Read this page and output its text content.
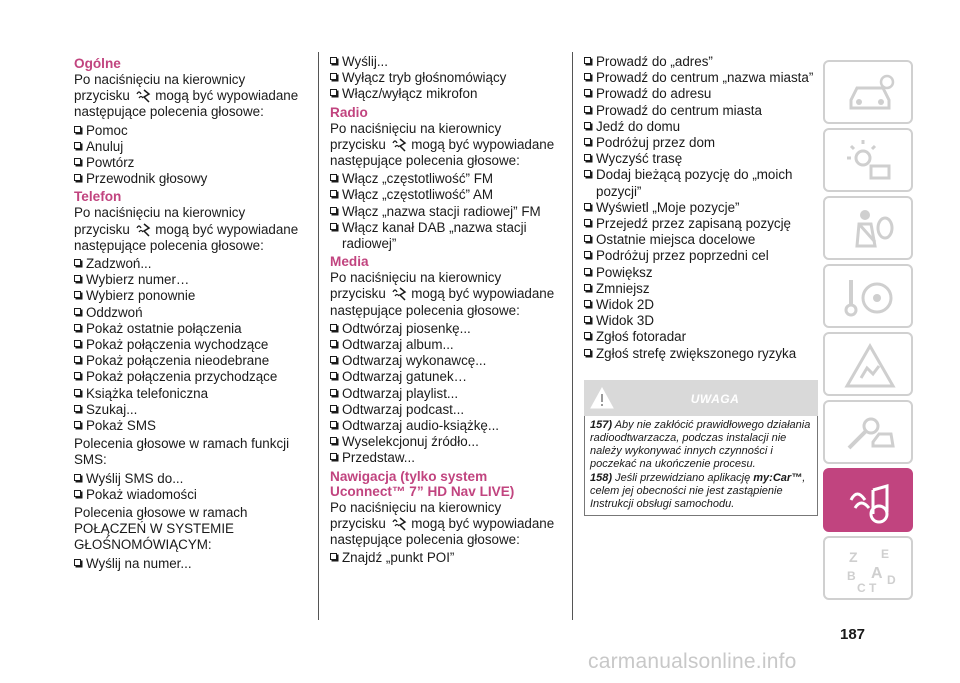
Ogólne
Po naciśnięciu na kierownicy przycisku mogą być wypowiadane następujące polecenia głosowe:
Pomoc
Anuluj
Powtórz
Przewodnik głosowy
Telefon
Po naciśnięciu na kierownicy przycisku mogą być wypowiadane następujące polecenia głosowe:
Zadzwoń...
Wybierz numer…
Wybierz ponownie
Oddzwoń
Pokaż ostatnie połączenia
Pokaż połączenia wychodzące
Pokaż połączenia nieodebrane
Pokaż połączenia przychodzące
Książka telefoniczna
Szukaj...
Pokaż SMS
Polecenia głosowe w ramach funkcji SMS:
Wyślij SMS do...
Pokaż wiadomości
Polecenia głosowe w ramach POŁĄCZEŃ W SYSTEMIE GŁOŚNOMÓWIĄCYM:
Wyślij na numer...
Wyślij...
Wyłącz tryb głośnomówiący
Włącz/wyłącz mikrofon
Radio
Po naciśnięciu na kierownicy przycisku mogą być wypowiadane następujące polecenia głosowe:
Włącz „częstotliwość” FM
Włącz „częstotliwość” AM
Włącz „nazwa stacji radiowej” FM
Włącz kanał DAB „nazwa stacji radiowej”
Media
Po naciśnięciu na kierownicy przycisku mogą być wypowiadane następujące polecenia głosowe:
Odtwórzaj piosenkę...
Odtwarzaj album...
Odtwarzaj wykonawcę...
Odtwarzaj gatunek…
Odtwarzaj playlist...
Odtwarzaj podcast...
Odtwarzaj audio-książkę...
Wyselekcjonuj źródło...
Przedstaw...
Nawigacja (tylko system Uconnect™ 7” HD Nav LIVE)
Po naciśnięciu na kierownicy przycisku mogą być wypowiadane następujące polecenia głosowe:
Znajdź „punkt POI”
Prowadź do „adres”
Prowadź do centrum „nazwa miasta”
Prowadź do adresu
Prowadź do centrum miasta
Jedź do domu
Podróżuj przez dom
Wyczyść trasę
Dodaj bieżącą pozycję do „moich pozycji”
Wyświetl „Moje pozycje”
Przejedź przez zapisaną pozycję
Ostatnie miejsca docelowe
Podróżuj przez poprzedni cel
Powiększ
Zmniejsz
Widok 2D
Widok 3D
Zgłoś fotoradar
Zgłoś strefę zwiększonego ryzyka
UWAGA
157) Aby nie zakłócić prawidłowego działania radioodtwarzacza, podczas instalacji nie należy wykonywać innych czynności i poczekać na ukończenie procesu.
158) Jeśli przewidziano aplikację my:Car™, celem jej obecności nie jest zastąpienie Instrukcji obsługi samochodu.
Z E
B A
C T
D
187
carmanualsonline.info
